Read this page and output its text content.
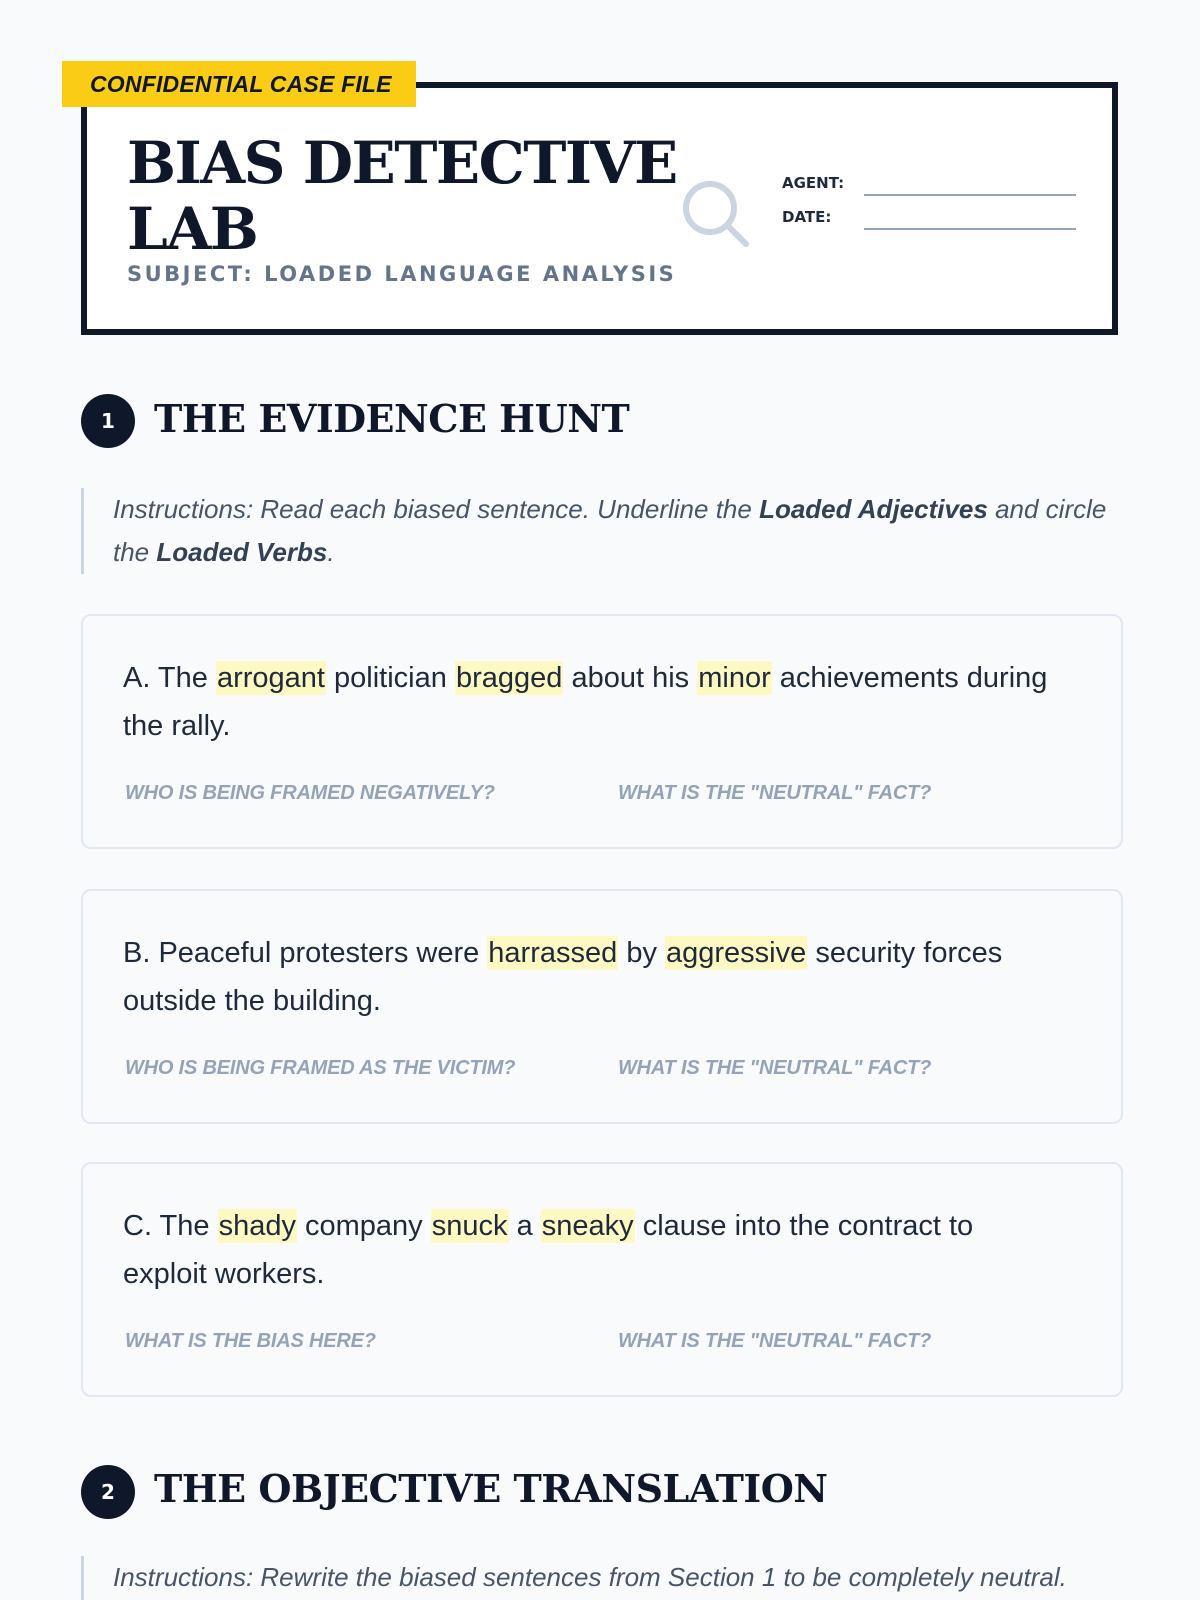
CONFIDENTIAL CASE FILE
BIAS DETECTIVE LAB
SUBJECT: LOADED LANGUAGE ANALYSIS
AGENT:
DATE:
1	THE EVIDENCE HUNT
Instructions: Read each biased sentence. Underline the Loaded Adjectives and circle the Loaded Verbs.

A. The arrogant politician bragged about his minor achievements during the rally.

WHO IS BEING FRAMED NEGATIVELY?	WHAT IS THE "NEUTRAL" FACT?

B. Peaceful protesters were harrassed by aggressive security forces outside the building.

WHO IS BEING FRAMED AS THE VICTIM?	WHAT IS THE "NEUTRAL" FACT?

C. The shady company snuck a sneaky clause into the contract to exploit workers.

WHAT IS THE BIAS HERE?	WHAT IS THE "NEUTRAL" FACT?
2	THE OBJECTIVE TRANSLATION
Instructions: Rewrite the biased sentences from Section 1 to be completely neutral.
